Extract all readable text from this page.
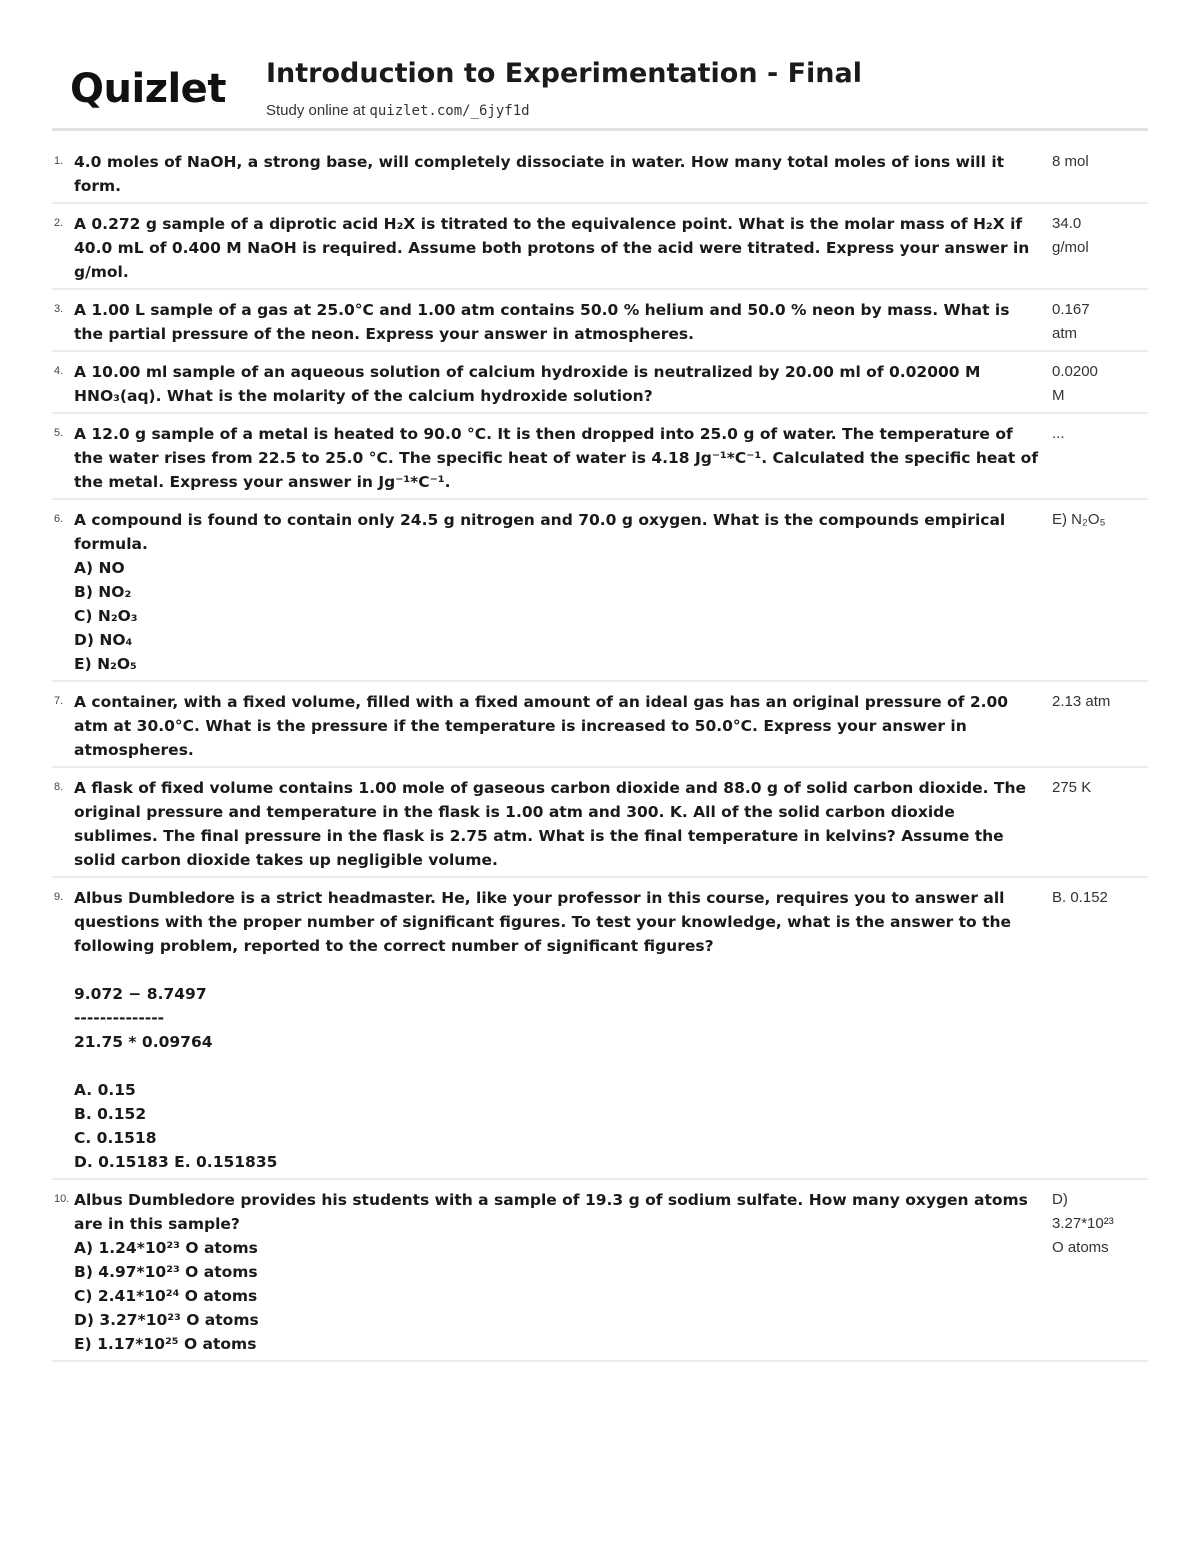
Quizlet Introduction to Experimentation - Final
Study online at quizlet.com/_6jyf1d
1. 4.0 moles of NaOH, a strong base, will completely dissociate in water. How many total moles of ions will it form.
8 mol
2. A 0.272 g sample of a diprotic acid H₂X is titrated to the equivalence point. What is the molar mass of H₂X if 40.0 mL of 0.400 M NaOH is required. Assume both protons of the acid were titrated. Express your answer in g/mol.
34.0
g/mol
3. A 1.00 L sample of a gas at 25.0°C and 1.00 atm contains 50.0 % helium and 50.0 % neon by mass. What is the partial pressure of the neon. Express your answer in atmospheres.
0.167
atm
4. A 10.00 ml sample of an aqueous solution of calcium hydroxide is neutralized by 20.00 ml of 0.02000 M HNO₃(aq). What is the molarity of the calcium hydroxide solution?
0.0200
M
5. A 12.0 g sample of a metal is heated to 90.0 °C. It is then dropped into 25.0 g of water. The temperature of the water rises from 22.5 to 25.0 °C. The specific heat of water is 4.18 Jg⁻¹*C⁻¹. Calculated the specific heat of the metal. Express your answer in Jg⁻¹*C⁻¹.
...
6. A compound is found to contain only 24.5 g nitrogen and 70.0 g oxygen. What is the compounds empirical formula.
A) NO
B) NO₂
C) N₂O₃
D) NO₄
E) N₂O₅
E) N₂O₅
7. A container, with a fixed volume, filled with a fixed amount of an ideal gas has an original pressure of 2.00 atm at 30.0°C. What is the pressure if the temperature is increased to 50.0°C. Express your answer in atmospheres.
2.13 atm
8. A flask of fixed volume contains 1.00 mole of gaseous carbon dioxide and 88.0 g of solid carbon dioxide. The original pressure and temperature in the flask is 1.00 atm and 300. K. All of the solid carbon dioxide sublimes. The final pressure in the flask is 2.75 atm. What is the final temperature in kelvins? Assume the solid carbon dioxide takes up negligible volume.
275 K
9. Albus Dumbledore is a strict headmaster. He, like your professor in this course, requires you to answer all questions with the proper number of significant figures. To test your knowledge, what is the answer to the following problem, reported to the correct number of significant figures?

9.072 − 8.7497
--------------
21.75 * 0.09764

A. 0.15
B. 0.152
C. 0.1518
D. 0.15183 E. 0.151835
B. 0.152
10. Albus Dumbledore provides his students with a sample of 19.3 g of sodium sulfate. How many oxygen atoms are in this sample?
A) 1.24*10²³ O atoms
B) 4.97*10²³ O atoms
C) 2.41*10²⁴ O atoms
D) 3.27*10²³ O atoms
E) 1.17*10²⁵ O atoms
D)
3.27*10²³
O atoms
